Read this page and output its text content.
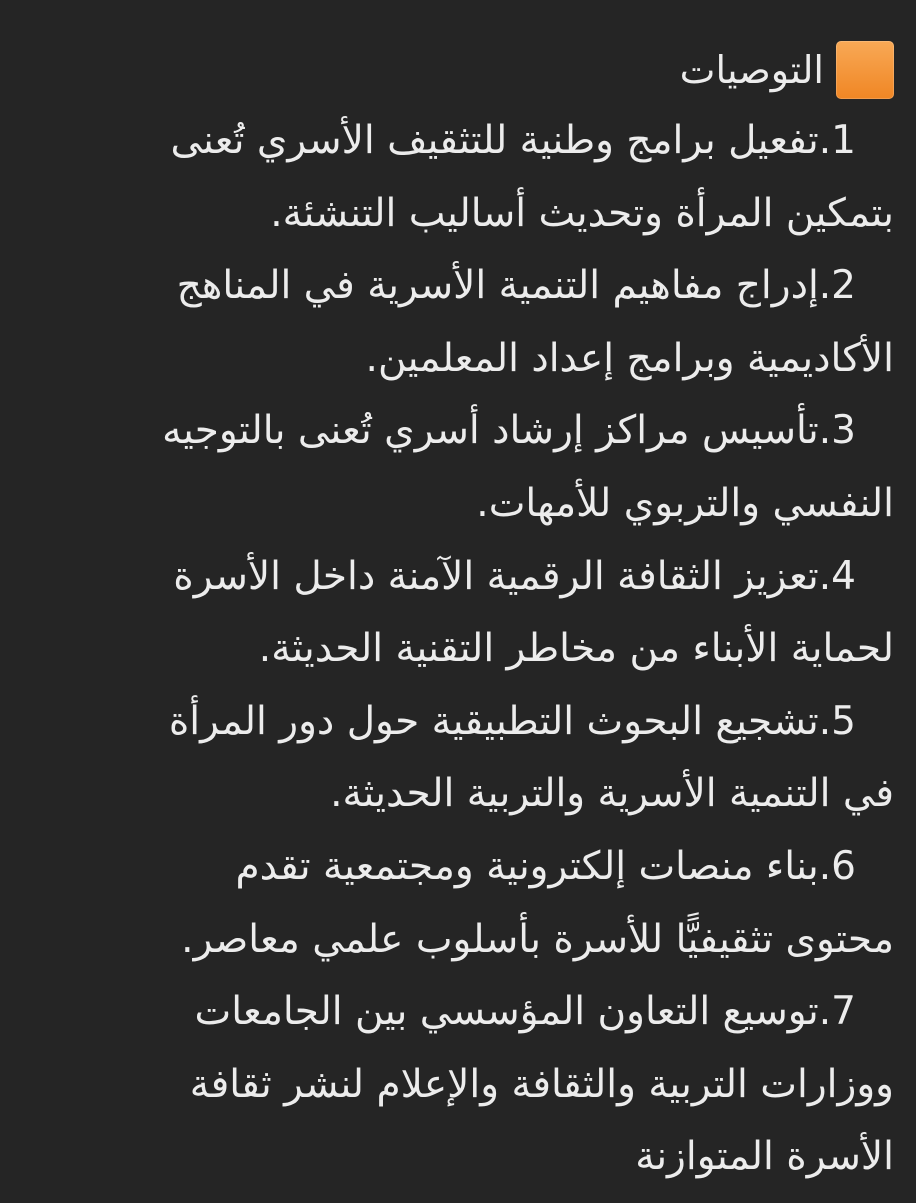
التوصيات
1.تفعيل برامج وطنية للتثقيف الأسري تُعنى
بتمكين المرأة وتحديث أساليب التنشئة.
2.إدراج مفاهيم التنمية الأسرية في المناهج
الأكاديمية وبرامج إعداد المعلمين.
3.تأسيس مراكز إرشاد أسري تُعنى بالتوجيه
النفسي والتربوي للأمهات.
4.تعزيز الثقافة الرقمية الآمنة داخل الأسرة
لحماية الأبناء من مخاطر التقنية الحديثة.
5.تشجيع البحوث التطبيقية حول دور المرأة
في التنمية الأسرية والتربية الحديثة.
6.بناء منصات إلكترونية ومجتمعية تقدم
محتوى تثقيفيًّا للأسرة بأسلوب علمي معاصر.
7.توسيع التعاون المؤسسي بين الجامعات
ووزارات التربية والثقافة والإعلام لنشر ثقافة
الأسرة المتوازنة
